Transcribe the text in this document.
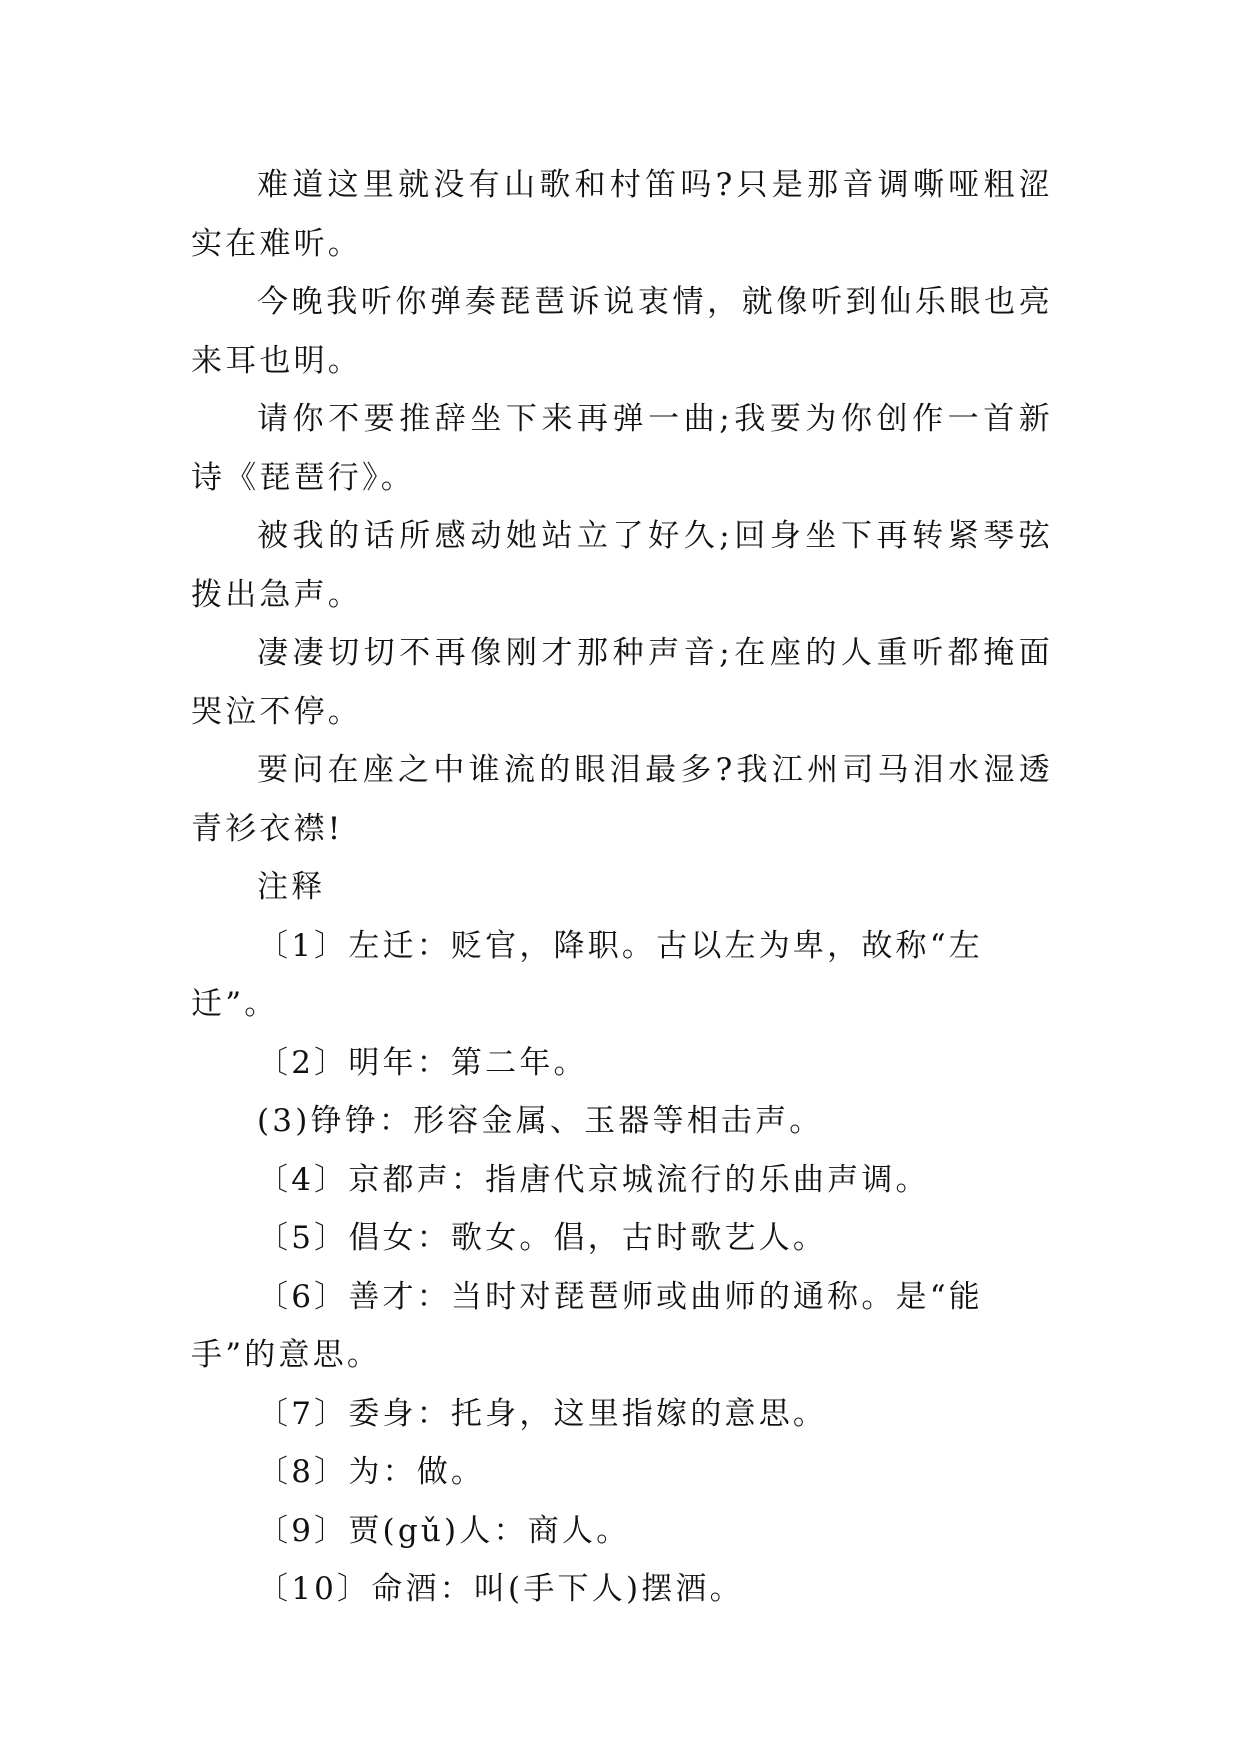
难道这里就没有山歌和村笛吗?只是那音调嘶哑粗涩实在难听。

今晚我听你弹奏琵琶诉说衷情，就像听到仙乐眼也亮来耳也明。

请你不要推辞坐下来再弹一曲;我要为你创作一首新诗《琵琶行》。

被我的话所感动她站立了好久;回身坐下再转紧琴弦拨出急声。

凄凄切切不再像刚才那种声音;在座的人重听都掩面哭泣不停。

要问在座之中谁流的眼泪最多?我江州司马泪水湿透青衫衣襟!

注释

〔1〕左迁：贬官，降职。古以左为卑，故称“左迁”。

〔2〕明年：第二年。

(3)铮铮：形容金属、玉器等相击声。

〔4〕京都声：指唐代京城流行的乐曲声调。

〔5〕倡女：歌女。倡，古时歌艺人。

〔6〕善才：当时对琵琶师或曲师的通称。是“能手”的意思。

〔7〕委身：托身，这里指嫁的意思。

〔8〕为：做。

〔9〕贾(gǔ)人：商人。

〔10〕命酒：叫(手下人)摆酒。
